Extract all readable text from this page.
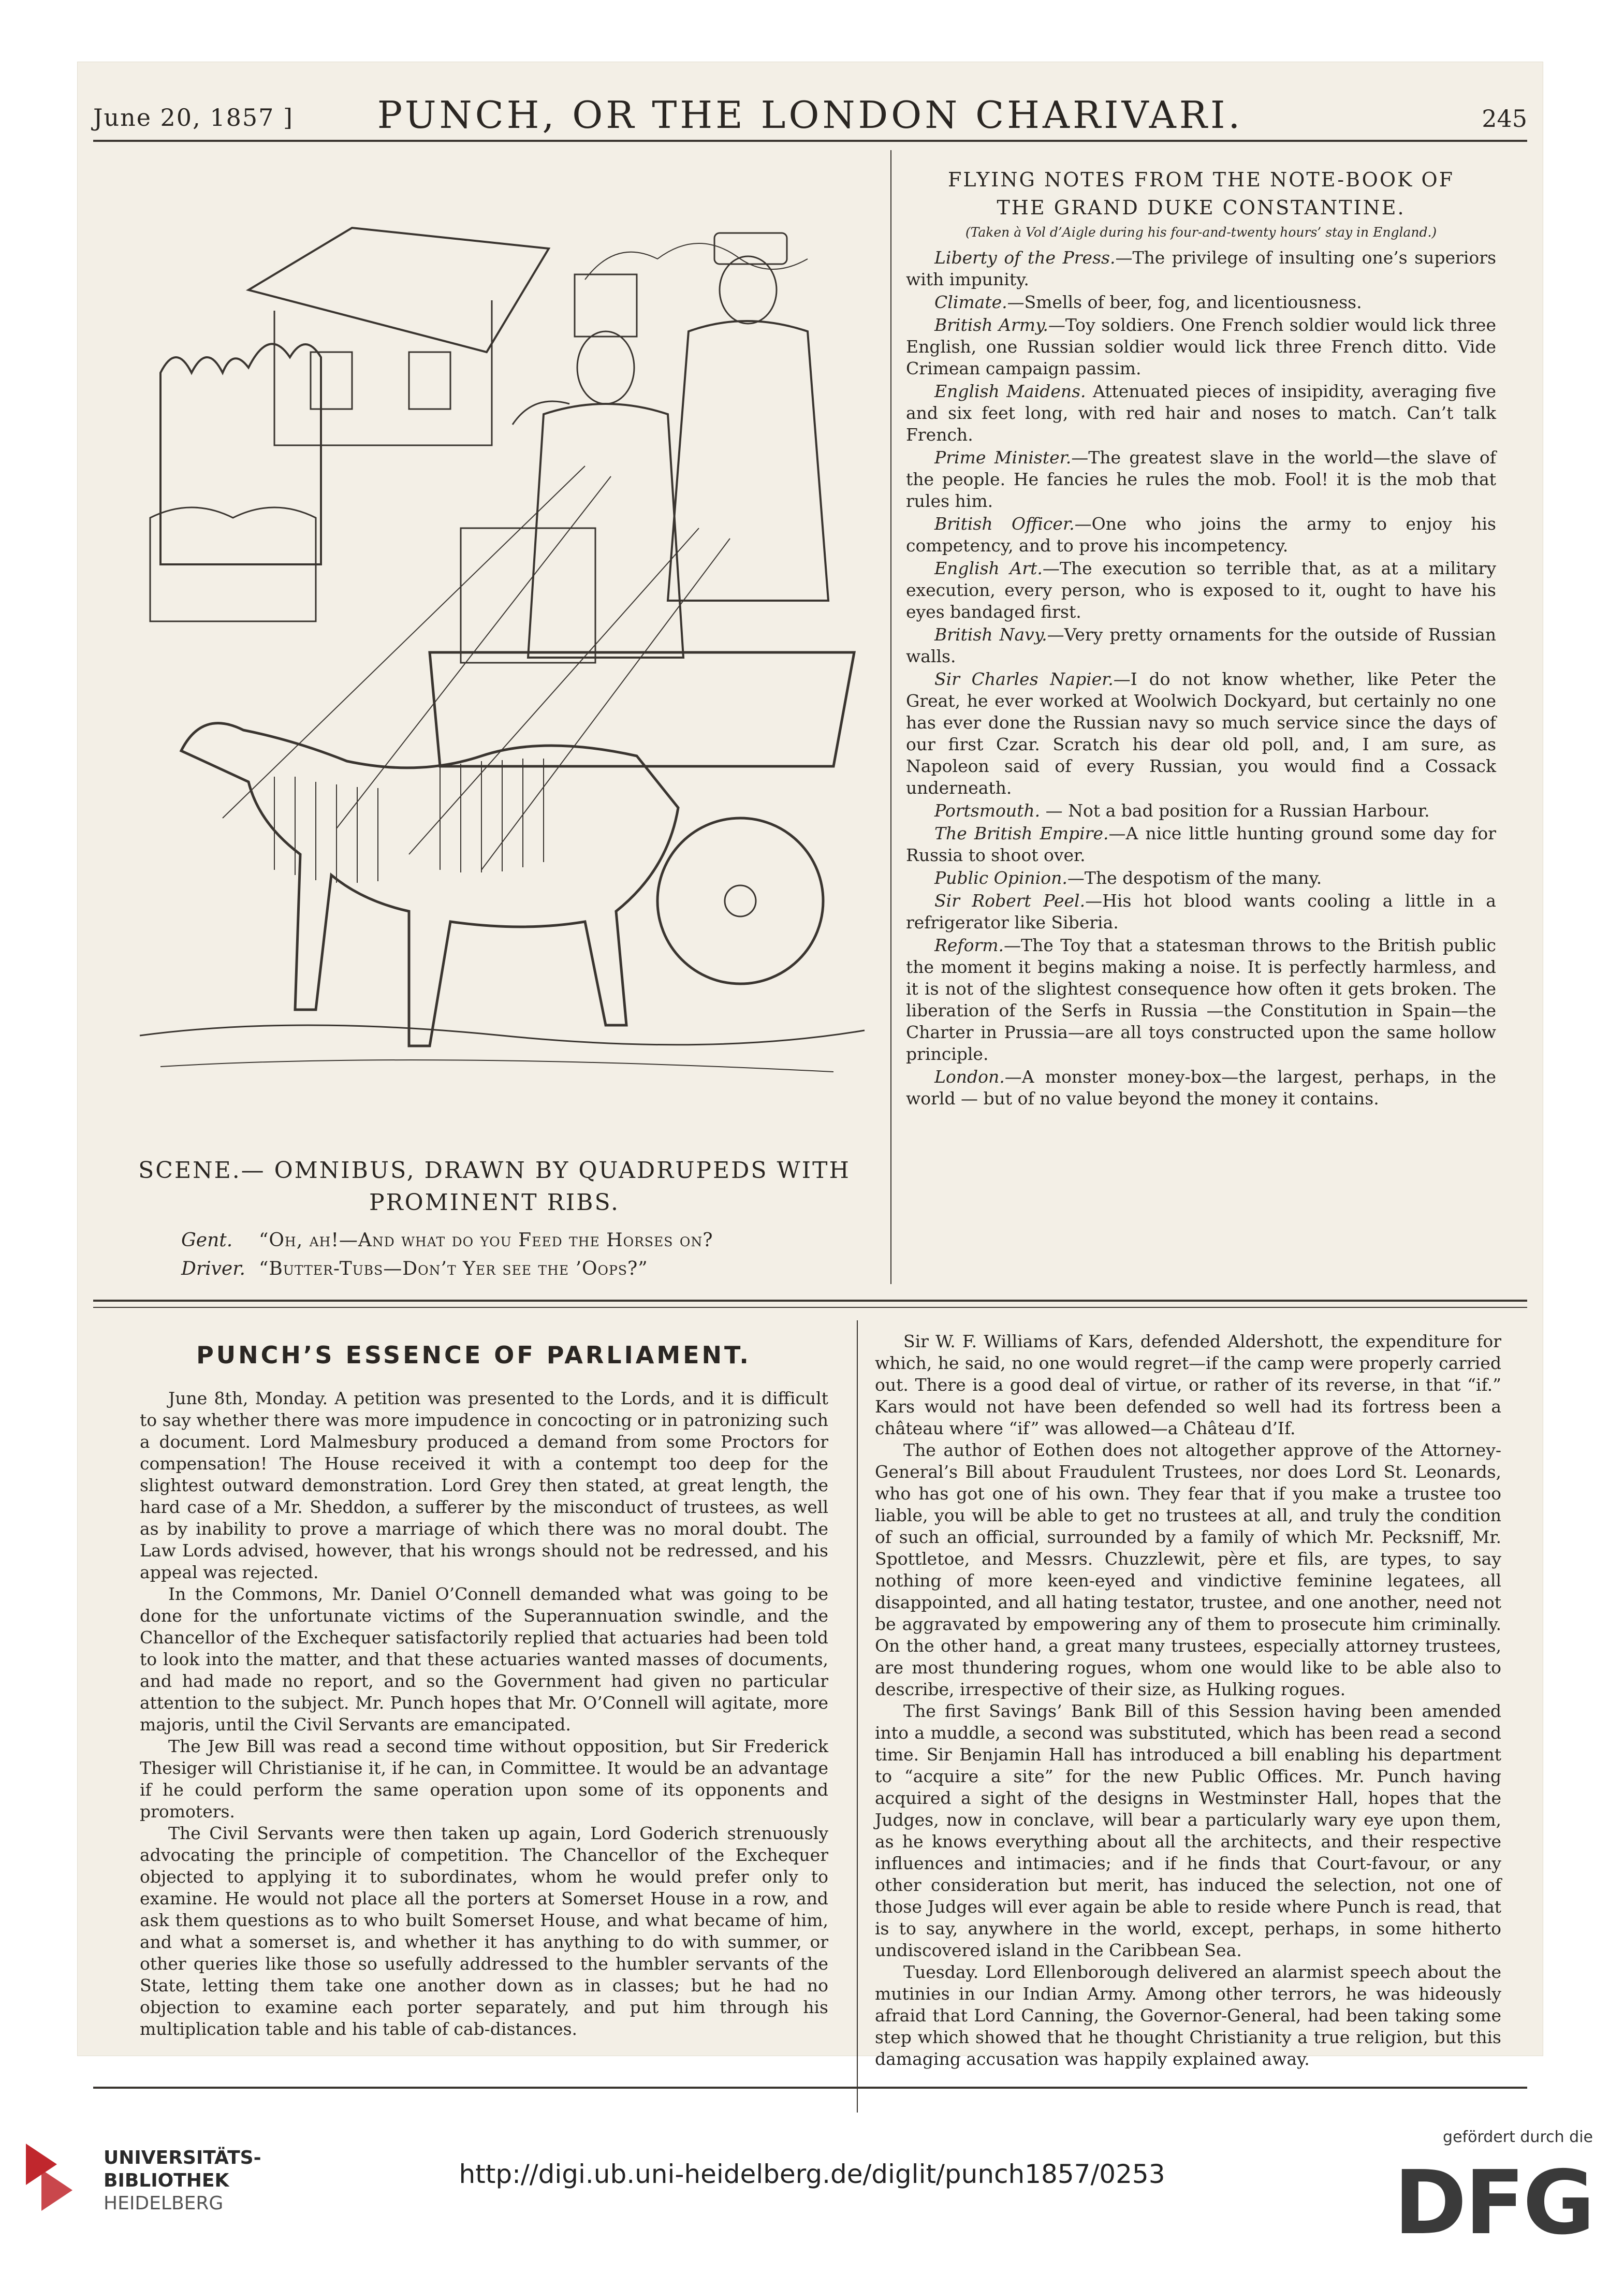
June 20, 1857 ]	PUNCH, OR THE LONDON CHARIVARI.	245
SCENE.— OMNIBUS, DRAWN BY QUADRUPEDS WITH
PROMINENT RIBS.
Gent. “Oh, ah!—And what do you Feed the Horses on?
Driver. “Butter-Tubs—Don’t Yer see the ’Oops?”
FLYING NOTES FROM THE NOTE-BOOK OF
THE GRAND DUKE CONSTANTINE.
(Taken à Vol d’Aigle during his four-and-twenty hours’ stay in England.)

Liberty of the Press.—The privilege of insulting one’s superiors with impunity.

Climate.—Smells of beer, fog, and licentiousness.

British Army.—Toy soldiers. One French soldier would lick three English, one Russian soldier would lick three French ditto. Vide Crimean campaign passim.

English Maidens. Attenuated pieces of insipidity, averaging five and six feet long, with red hair and noses to match. Can’t talk French.

Prime Minister.—The greatest slave in the world—the slave of the people. He fancies he rules the mob. Fool! it is the mob that rules him.

British Officer.—One who joins the army to enjoy his competency, and to prove his incompetency.

English Art.—The execution so terrible that, as at a military execution, every person, who is exposed to it, ought to have his eyes bandaged first.

British Navy.—Very pretty ornaments for the outside of Russian walls.

Sir Charles Napier.—I do not know whether, like Peter the Great, he ever worked at Woolwich Dockyard, but certainly no one has ever done the Russian navy so much service since the days of our first Czar. Scratch his dear old poll, and, I am sure, as Napoleon said of every Russian, you would find a Cossack underneath.

Portsmouth. — Not a bad position for a Russian Harbour.

The British Empire.—A nice little hunting ground some day for Russia to shoot over.

Public Opinion.—The despotism of the many.

Sir Robert Peel.—His hot blood wants cooling a little in a refrigerator like Siberia.

Reform.—The Toy that a statesman throws to the British public the moment it begins making a noise. It is perfectly harmless, and it is not of the slightest consequence how often it gets broken. The liberation of the Serfs in Russia —the Constitution in Spain—the Charter in Prussia—are all toys constructed upon the same hollow principle.

London.—A monster money-box—the largest, perhaps, in the world — but of no value beyond the money it contains.

PUNCH’S ESSENCE OF PARLIAMENT.

June 8th, Monday. A petition was presented to the Lords, and it is difficult to say whether there was more impudence in concocting or in patronizing such a document. Lord Malmesbury produced a demand from some Proctors for compensation! The House received it with a contempt too deep for the slightest outward demonstration. Lord Grey then stated, at great length, the hard case of a Mr. Sheddon, a sufferer by the misconduct of trustees, as well as by inability to prove a marriage of which there was no moral doubt. The Law Lords advised, however, that his wrongs should not be redressed, and his appeal was rejected.

In the Commons, Mr. Daniel O’Connell demanded what was going to be done for the unfortunate victims of the Superannuation swindle, and the Chancellor of the Exchequer satisfactorily replied that actuaries had been told to look into the matter, and that these actuaries wanted masses of documents, and had made no report, and so the Government had given no particular attention to the subject. Mr. Punch hopes that Mr. O’Connell will agitate, more majoris, until the Civil Servants are emancipated.

The Jew Bill was read a second time without opposition, but Sir Frederick Thesiger will Christianise it, if he can, in Committee. It would be an advantage if he could perform the same operation upon some of its opponents and promoters.

The Civil Servants were then taken up again, Lord Goderich strenuously advocating the principle of competition. The Chancellor of the Exchequer objected to applying it to subordinates, whom he would prefer only to examine. He would not place all the porters at Somerset House in a row, and ask them questions as to who built Somerset House, and what became of him, and what a somerset is, and whether it has anything to do with summer, or other queries like those so usefully addressed to the humbler servants of the State, letting them take one another down as in classes; but he had no objection to examine each porter separately, and put him through his multiplication table and his table of cab-distances.

Sir W. F. Williams of Kars, defended Aldershott, the expenditure for which, he said, no one would regret—if the camp were properly carried out. There is a good deal of virtue, or rather of its reverse, in that “if.” Kars would not have been defended so well had its fortress been a château where “if” was allowed—a Château d’If.

The author of Eothen does not altogether approve of the Attorney-General’s Bill about Fraudulent Trustees, nor does Lord St. Leonards, who has got one of his own. They fear that if you make a trustee too liable, you will be able to get no trustees at all, and truly the condition of such an official, surrounded by a family of which Mr. Pecksniff, Mr. Spottletoe, and Messrs. Chuzzlewit, père et fils, are types, to say nothing of more keen-eyed and vindictive feminine legatees, all disappointed, and all hating testator, trustee, and one another, need not be aggravated by empowering any of them to prosecute him criminally. On the other hand, a great many trustees, especially attorney trustees, are most thundering rogues, whom one would like to be able also to describe, irrespective of their size, as Hulking rogues.

The first Savings’ Bank Bill of this Session having been amended into a muddle, a second was substituted, which has been read a second time. Sir Benjamin Hall has introduced a bill enabling his department to “acquire a site” for the new Public Offices. Mr. Punch having acquired a sight of the designs in Westminster Hall, hopes that the Judges, now in conclave, will bear a particularly wary eye upon them, as he knows everything about all the architects, and their respective influences and intimacies; and if he finds that Court-favour, or any other consideration but merit, has induced the selection, not one of those Judges will ever again be able to reside where Punch is read, that is to say, anywhere in the world, except, perhaps, in some hitherto undiscovered island in the Caribbean Sea.

Tuesday. Lord Ellenborough delivered an alarmist speech about the mutinies in our Indian Army. Among other terrors, he was hideously afraid that Lord Canning, the Governor-General, had been taking some step which showed that he thought Christianity a true religion, but this damaging accusation was happily explained away.

UNIVERSITÄTS-
BIBLIOTHEK
HEIDELBERG
http://digi.ub.uni-heidelberg.de/diglit/punch1857/0253
gefördert durch die
DFG
